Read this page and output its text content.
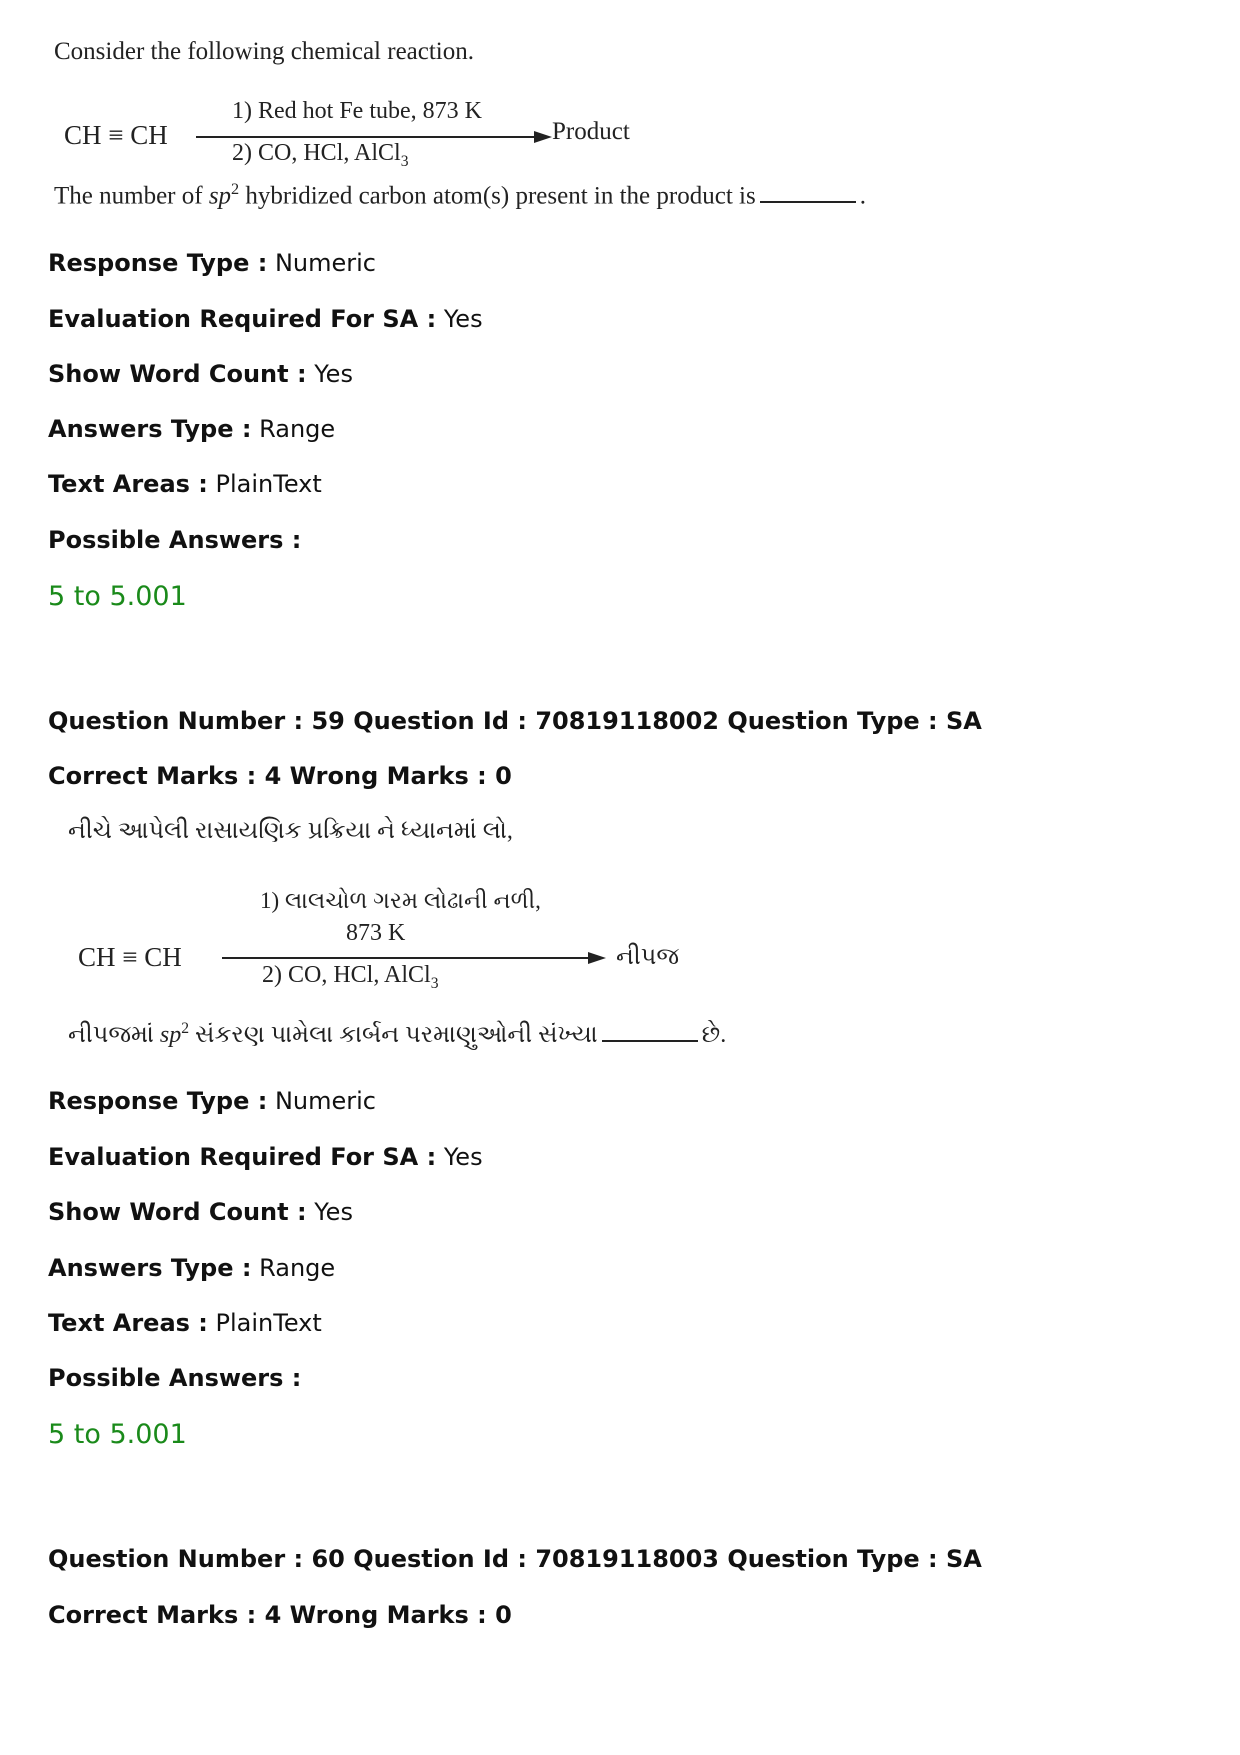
Consider the following chemical reaction.
CH ≡ CH
1) Red hot Fe tube, 873 K
2) CO, HCl, AlCl$_3$
Product
The number of $sp^2$ hybridized carbon atom(s) present in the product is	.
Response Type : Numeric
Evaluation Required For SA : Yes
Show Word Count : Yes
Answers Type : Range
Text Areas : PlainText
Possible Answers :
5 to 5.001
Question Number : 59 Question Id : 70819118002 Question Type : SA
Correct Marks : 4 Wrong Marks : 0
નીચે આપેલી રાસાયણિક પ્રક્રિયા ને ધ્યાનમાં લો,
1) લાલચોળ ગરમ લોઢાની નળી,
873 K
CH ≡ CH
2) CO, HCl, AlCl$_3$
નીપજ
નીપજમાં $sp^2$ સંકરણ પામેલા કાર્બન પરમાણુઓની સંખ્યા	છે.
Response Type : Numeric
Evaluation Required For SA : Yes
Show Word Count : Yes
Answers Type : Range
Text Areas : PlainText
Possible Answers :
5 to 5.001
Question Number : 60 Question Id : 70819118003 Question Type : SA
Correct Marks : 4 Wrong Marks : 0
